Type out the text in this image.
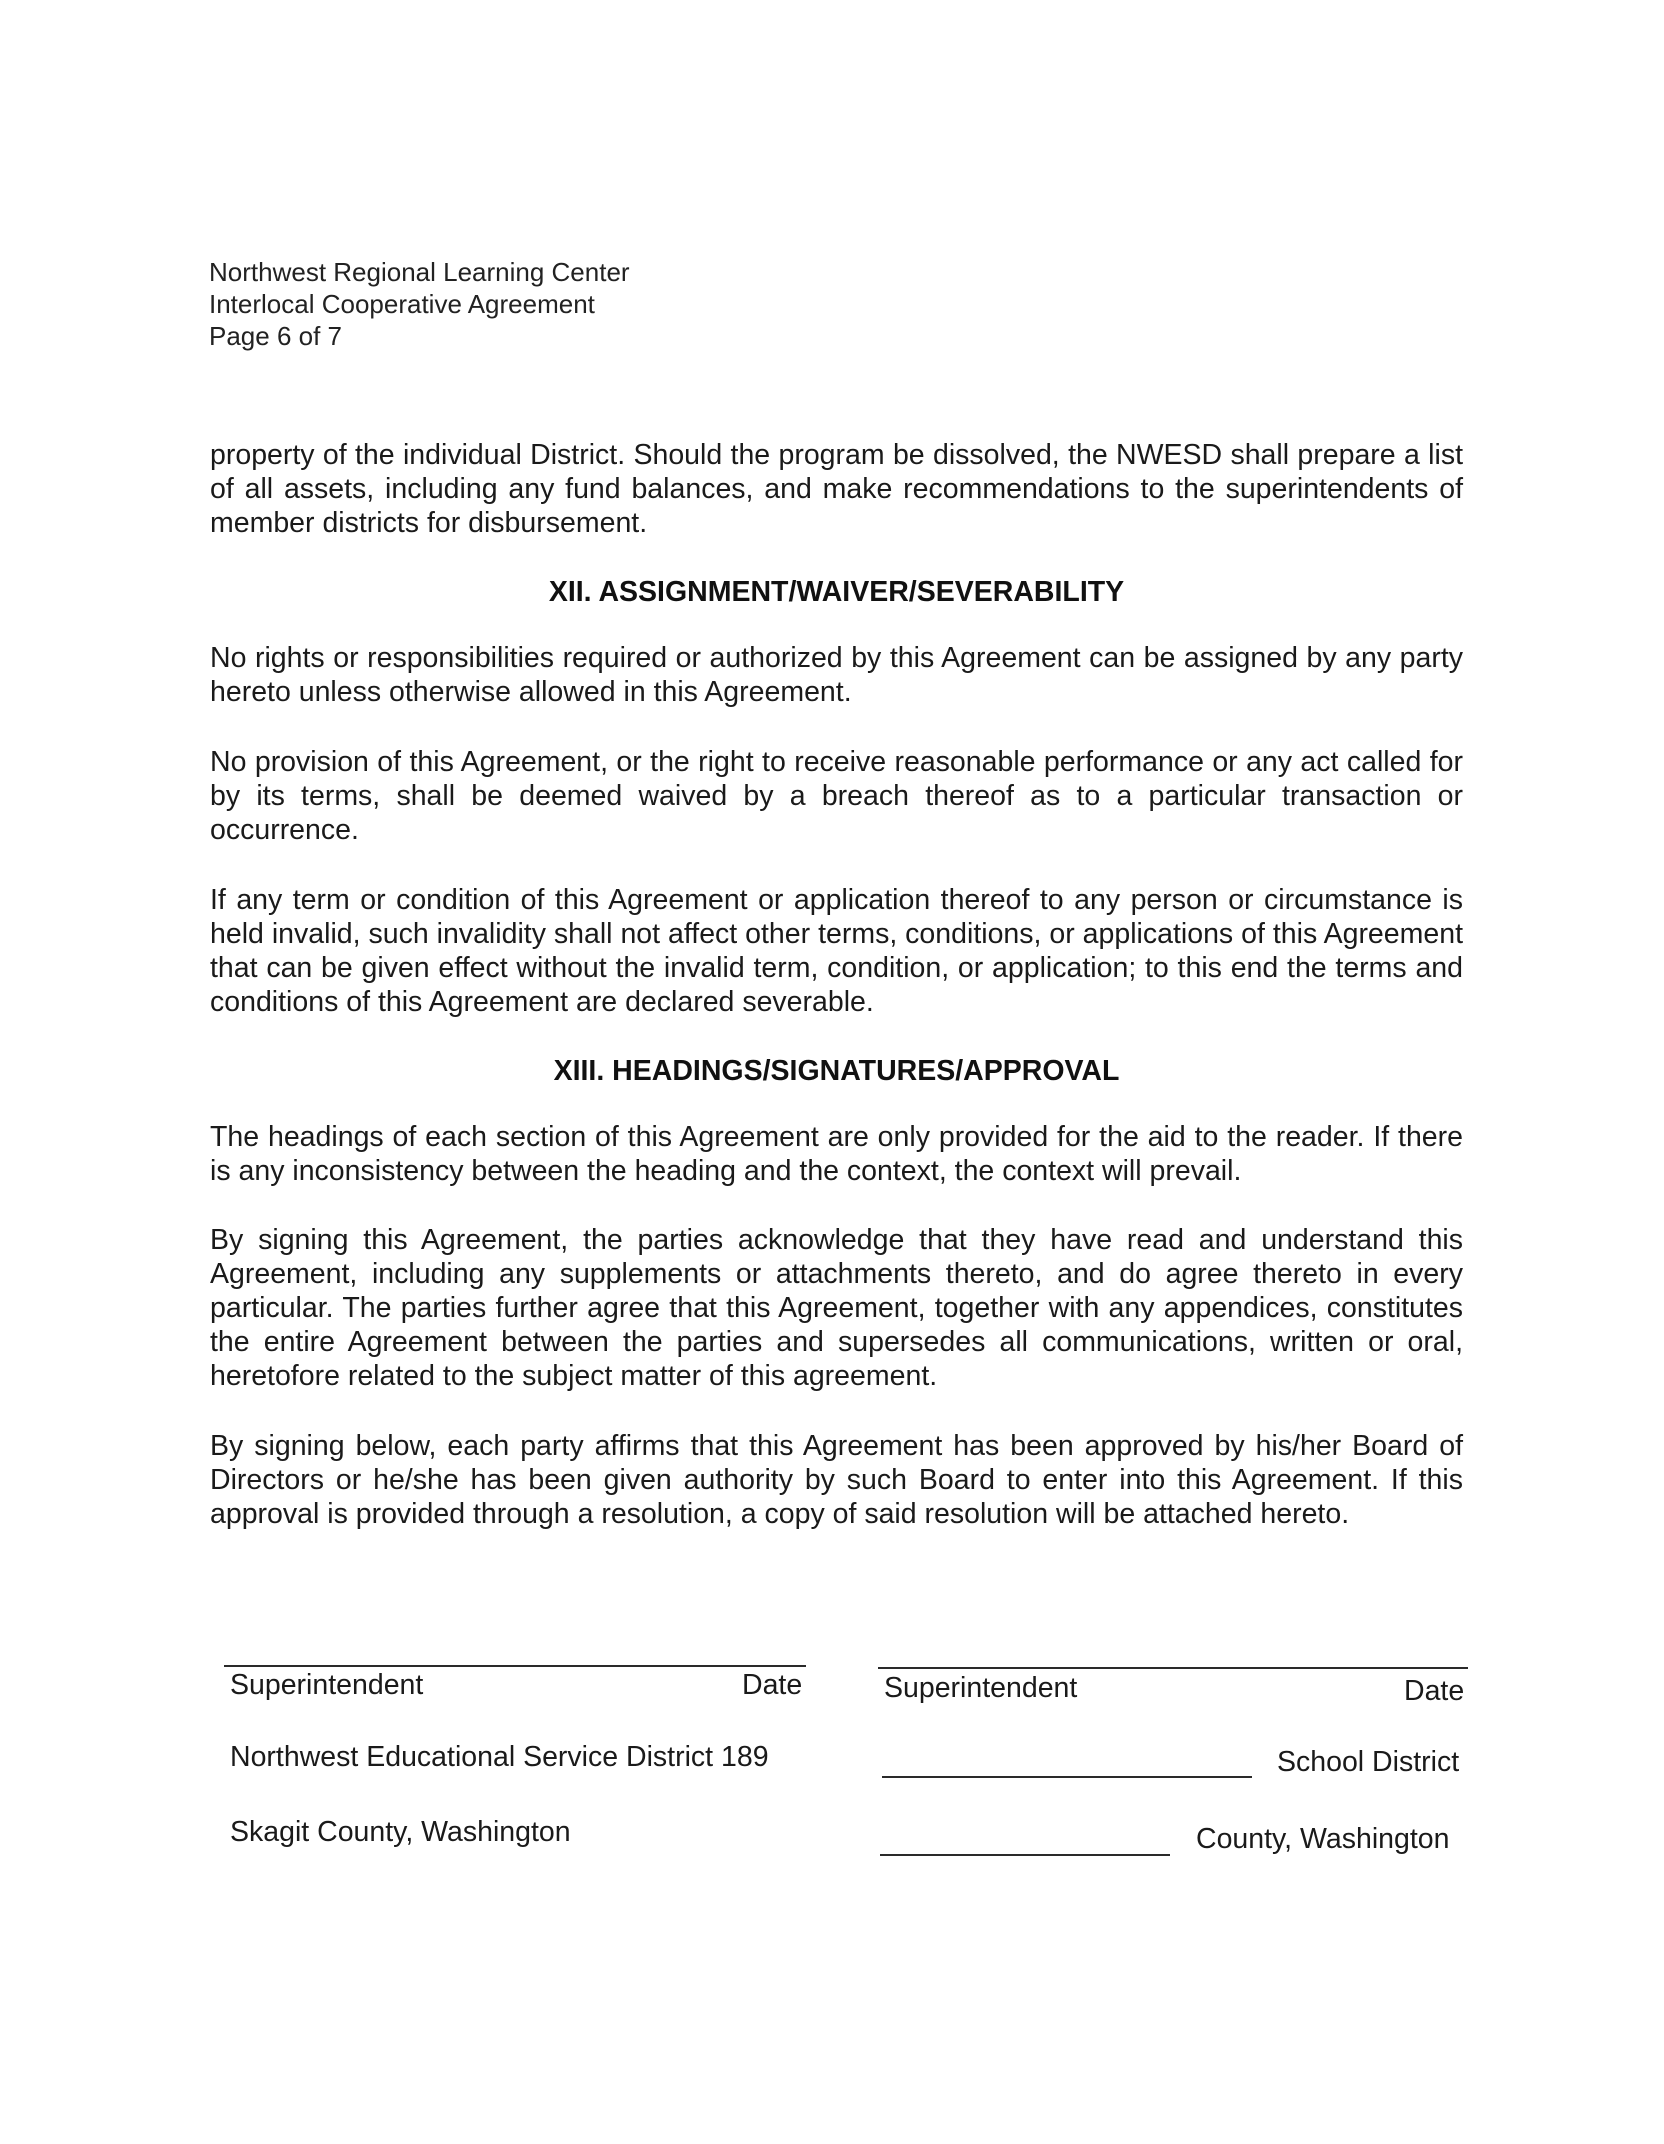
Northwest Regional Learning Center
Interlocal Cooperative Agreement
Page 6 of 7
property of the individual District. Should the program be dissolved, the NWESD shall prepare a list of all assets, including any fund balances, and make recommendations to the superintendents of member districts for disbursement.
XII. ASSIGNMENT/WAIVER/SEVERABILITY
No rights or responsibilities required or authorized by this Agreement can be assigned by any party hereto unless otherwise allowed in this Agreement.
No provision of this Agreement, or the right to receive reasonable performance or any act called for by its terms, shall be deemed waived by a breach thereof as to a particular transaction or occurrence.
If any term or condition of this Agreement or application thereof to any person or circumstance is held invalid, such invalidity shall not affect other terms, conditions, or applications of this Agreement that can be given effect without the invalid term, condition, or application; to this end the terms and conditions of this Agreement are declared severable.
XIII. HEADINGS/SIGNATURES/APPROVAL
The headings of each section of this Agreement are only provided for the aid to the reader. If there is any inconsistency between the heading and the context, the context will prevail.
By signing this Agreement, the parties acknowledge that they have read and understand this Agreement, including any supplements or attachments thereto, and do agree thereto in every particular. The parties further agree that this Agreement, together with any appendices, constitutes the entire Agreement between the parties and supersedes all communications, written or oral, heretofore related to the subject matter of this agreement.
By signing below, each party affirms that this Agreement has been approved by his/her Board of Directors or he/she has been given authority by such Board to enter into this Agreement. If this approval is provided through a resolution, a copy of said resolution will be attached hereto.
Superintendent	Date
Northwest Educational Service District 189
Skagit County, Washington
Superintendent	Date
School District
County, Washington
